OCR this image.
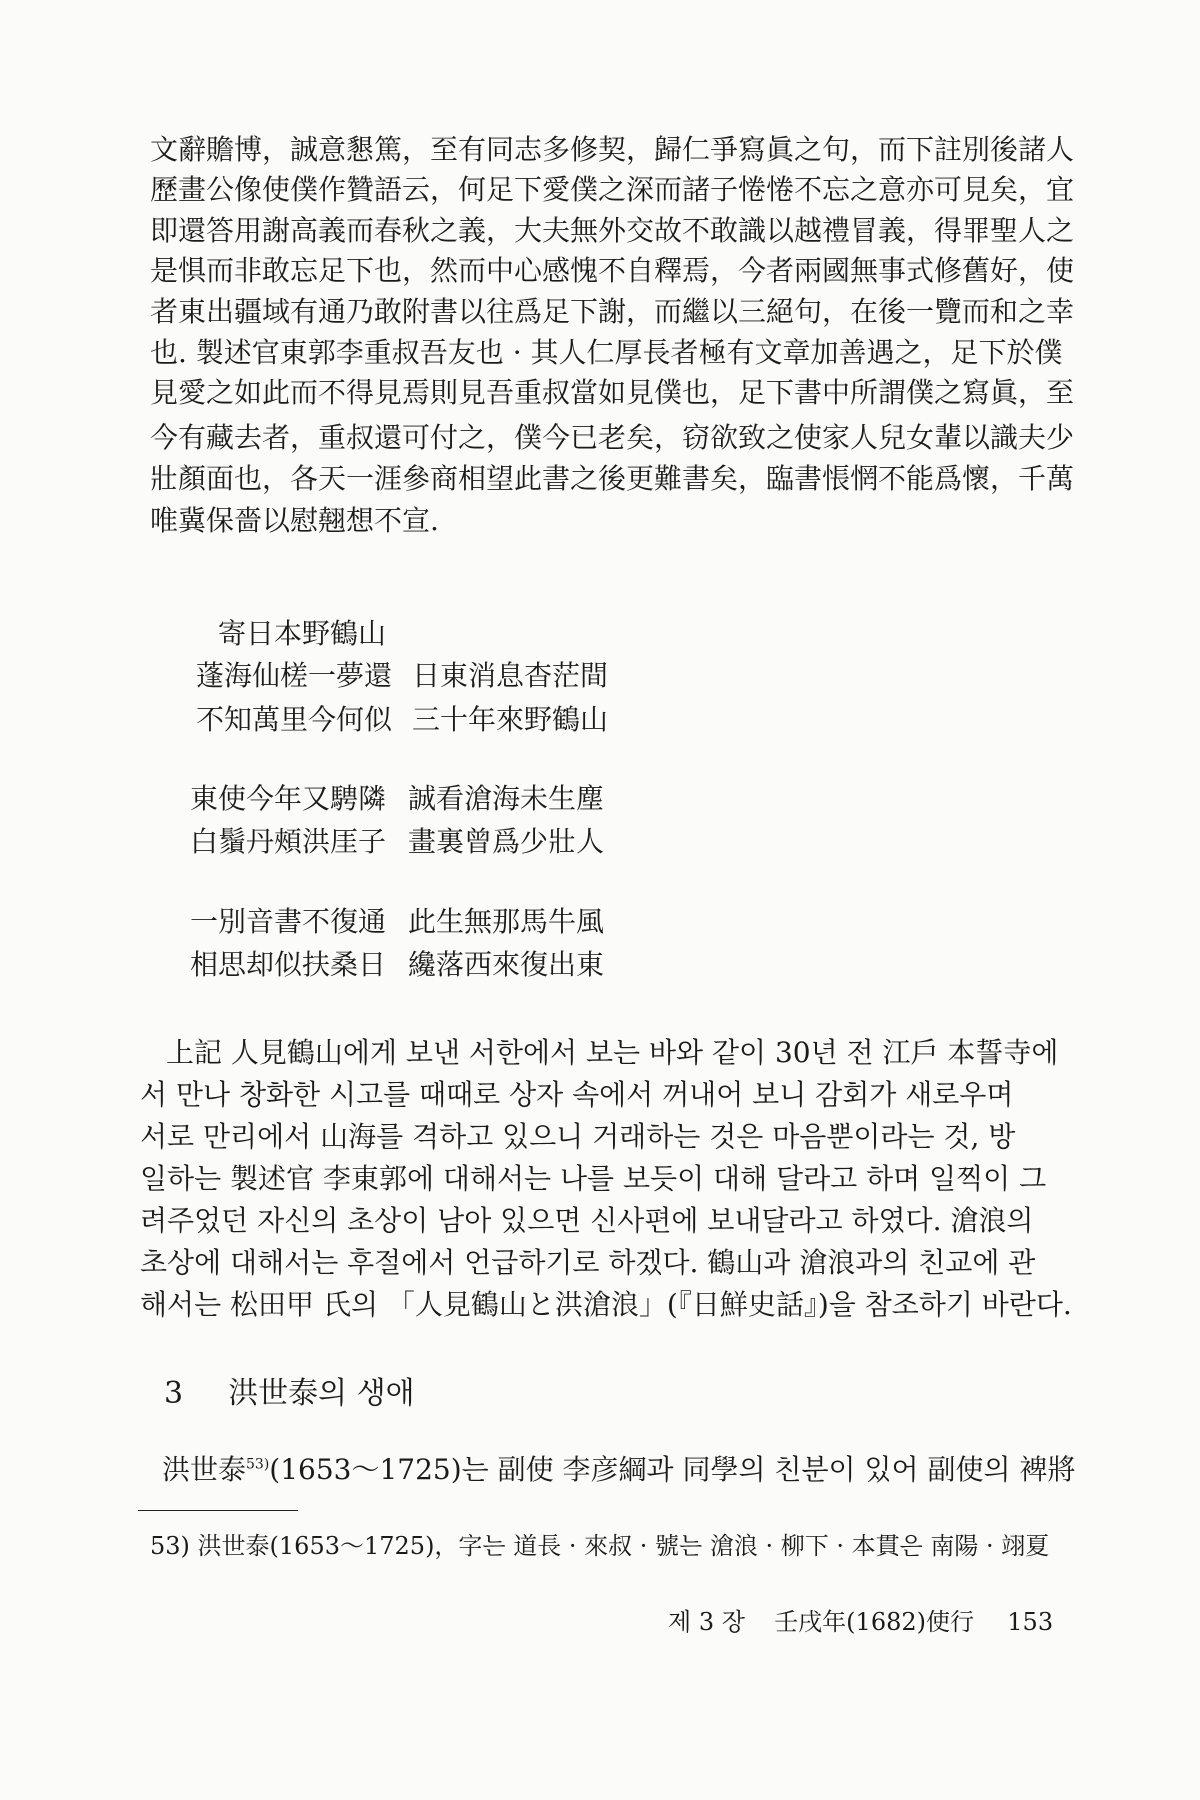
文辭贍博，誠意懇篤，至有同志多修契，歸仁爭寫眞之句，而下註別後諸人
歷畫公像使僕作贊語云，何足下愛僕之深而諸子惓惓不忘之意亦可見矣，宜
即還答用謝高義而春秋之義，大夫無外交故不敢識以越禮冒義，得罪聖人之
是惧而非敢忘足下也，然而中心感愧不自釋焉，今者兩國無事式修舊好，使
者東出疆域有通乃敢附書以往爲足下謝，而繼以三絕句，在後一覽而和之幸
也. 製述官東郭李重叔吾友也 · 其人仁厚長者極有文章加善遇之，足下於僕
見愛之如此而不得見焉則見吾重叔當如見僕也，足下書中所謂僕之寫眞，至
今有藏去者，重叔還可付之，僕今已老矣，窃欲致之使家人兒女輩以識夫少
壯顏面也，各天一涯參商相望此書之後更難書矣，臨書悵惘不能爲懷，千萬
唯冀保嗇以慰翹想不宣.
寄日本野鶴山
蓬海仙槎一夢還 日東消息杳茫間
不知萬里今何似 三十年來野鶴山
東使今年又騁隣 誠看滄海未生塵
白鬚丹頰洪厓子 畫裏曾爲少壯人
一別音書不復通 此生無那馬牛風
相思却似扶桑日 纔落西來復出東
上記 人見鶴山에게 보낸 서한에서 보는 바와 같이 30년 전 江戶 本誓寺에
서 만나 창화한 시고를 때때로 상자 속에서 꺼내어 보니 감회가 새로우며
서로 만리에서 山海를 격하고 있으니 거래하는 것은 마음뿐이라는 것, 방
일하는 製述官 李東郭에 대해서는 나를 보듯이 대해 달라고 하며 일찍이 그
려주었던 자신의 초상이 남아 있으면 신사편에 보내달라고 하였다. 滄浪의
초상에 대해서는 후절에서 언급하기로 하겠다. 鶴山과 滄浪과의 친교에 관
해서는 松田甲 氏의 「人見鶴山と洪滄浪」(『日鮮史話』)을 참조하기 바란다.
3 洪世泰의 생애
洪世泰$^{53)}$(1653～1725)는 副使 李彦綱과 同學의 친분이 있어 副使의 裨將
53) 洪世泰(1653～1725)，字는 道長 · 來叔 · 號는 滄浪 · 柳下 · 本貫은 南陽 · 翊夏
제 3 장 壬戌年(1682)使行 153
